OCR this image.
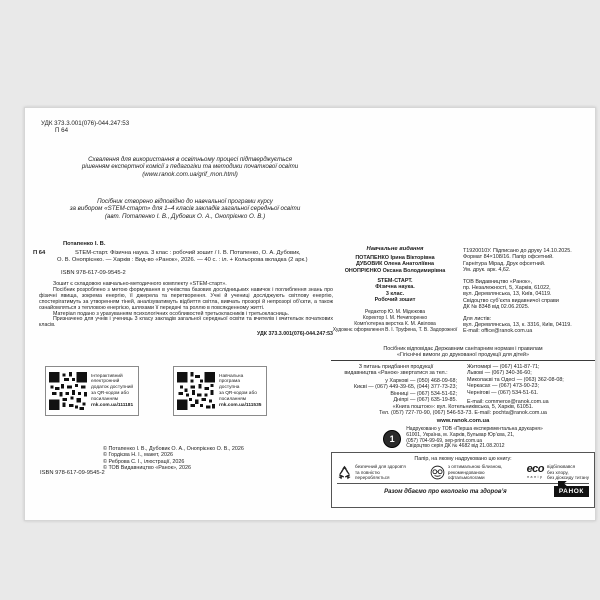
УДК 373.3.001(076)-044.247:53
П 64
Схвалення для використання в освітньому процесі підтверджується
рішенням експертної комісії з педагогіки та методики початкової освіти
(www.ranok.com.ua/grif_mon.html)
Посібник створено відповідно до навчальної програми курсу
за вибором «STEM-старт» для 1–4 класів закладів загальної середньої освіти
(авт. Потапенко І. В., Дубовик О. А., Онопрієнко О. В.)
Потапенко І. В.
П 64	STEM-старт. Фізична наука. 3 клас : робочий зошит / І. В. Потапенко, О. А. Дубовик,
О. В. Онопрієнко. — Харків : Вид-во «Ранок», 2026. — 40 с. : іл. + Кольорова вкладка (2 арк.)
ISBN 978-617-09-9545-2

Зошит є складовою навчально-методичного комплекту «STEM-старт».

Посібник розроблено з метою формування в учнівства базових дослідницьких навичок і поглиблення знань про фізичні явища, зокрема енергію, її джерела та перетворення. Учні й учениці досліджують світлову енергію, спостерігатимуть за утворенням тіней, аналізуватимуть відбиття світла, вивчать прозорі й непрозорі об’єкти, а також ознайомляться з тепловою енергією, шляхами її передачі та роллю в повсякденному житті.

Матеріал подано з урахуванням психологічних особливостей третьокласників і третьокласниць.

Призначено для учнів і учениць 3 класу закладів загальної середньої освіти та вчителів і вчительок початкових класів.

УДК 373.3.001(076)-044.247:53
Інтерактивний
електронний
додаток доступний
за QR-кодом або
посиланням
rnk.com.ua/111181
Навчальна
програма
доступна
за QR-кодом або
посиланням
rnk.com.ua/111535
© Потапенко І. В., Дубовик О. А., Онопрієнко О. В., 2026
© Гордієва Н. І., макет, 2026
© Реброва С. І., ілюстрації, 2026
© ТОВ Видавництво «Ранок», 2026
ISBN 978-617-09-9545-2
Навчальне видання
ПОТАПЕНКО Ірина Вікторівна
ДУБОВИК Олена Анатоліївна
ОНОПРІЄНКО Оксана Володимирівна
STEM-СТАРТ.
Фізична наука.
3 клас.
Робочий зошит
Редактор Ю. М. Мідюкова
Коректор І. М. Нечипоренко
Комп’ютерна верстка К. М. Авілова
Художнє оформлення В. І. Труфена, Т. В. Задорожної
Т1920010У. Підписано до друку 14.10.2025.
Формат 84×108/16. Папір офсетний.
Гарнітура Мірад. Друк офсетний.
Ум. друк. арк. 4,62.
ТОВ Видавництво «Ранок»,
пр. Незалежності, 5, Харків, 61022,
вул. Деревлянська, 13, Київ, 04119.
Свідоцтво суб’єкта видавничої справи
ДК № 8348 від 02.06.2025.
Для листів:
вул. Деревлянська, 13, к. 3316, Київ, 04119.
E-mail: office@ranok.com.ua
Посібник відповідає Державним санітарним нормам і правилам
«Гігієнічні вимоги до друкованої продукції для дітей»
З питань придбання продукції
видавництва «Ранок» звертатися за тел.:
у Харкові — (050) 468-09-68;
Києві — (067) 449-39-65, (044) 377-73-23;
Вінниці — (067) 534-51-62;
Дніпрі — (067) 635-19-85.
Житомирі — (067) 411-87-71;
Львові — (067) 340-36-60;
Миколаєві та Одесі — (063) 362-08-08;
Черкасах — (067) 473-90-23;
Чернігові — (067) 534-51-61.
E-mail: commerce@ranok.com.ua
«Книга поштою»: вул. Котельниківська, 5, Харків, 61051.
Тел. (057) 727-70-90, (067) 546-53-73. E-mail: pochta@ranok.com.ua
www.ranok.com.ua
1
Надруковано у ТОВ «Перша експериментальна друкарня»
61001, Україна, м. Харків, Бульвар Юр’єва, 21,
(057) 704-99-69, sep-print.com.ua
Свідоцтво серія ДК № 4682 від 21.08.2012
Папір, на якому надруковано цю книгу:
безпечний для здоров’я
та повністю
переробляється
з оптимальною білизною,
рекомендованою
офтальмологами
eco
папір
відбілювався
без хлору,
без діоксиду титану
Разом дбаємо про екологію та здоров’я	РАНОК
